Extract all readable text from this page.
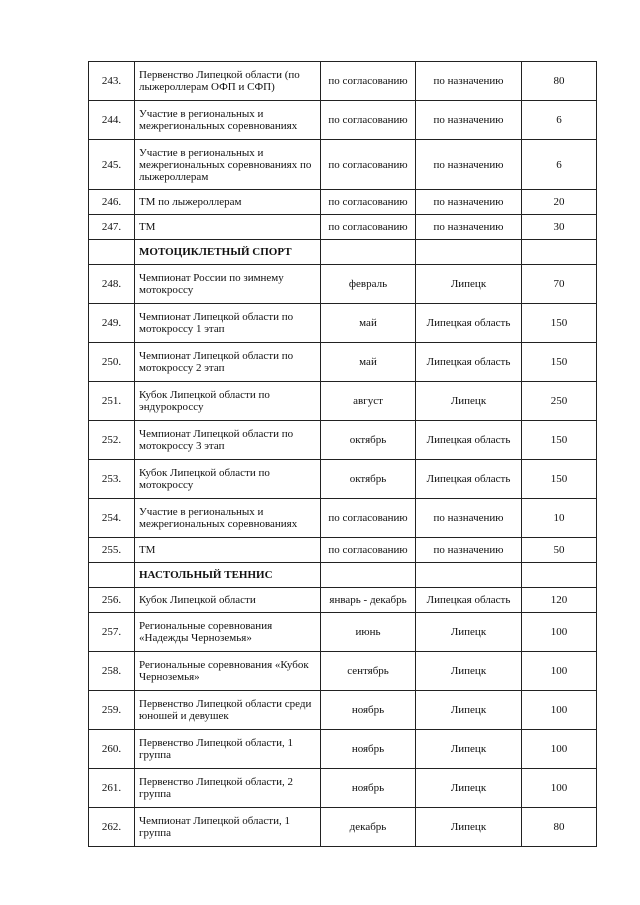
243.	Первенство Липецкой области (по лыжероллерам ОФП и СФП)	по согласованию	по назначению	80
244.	Участие в региональных и межрегиональных соревнованиях	по согласованию	по назначению	6
245.	Участие в региональных и межрегиональных соревнованиях по лыжероллерам	по согласованию	по назначению	6
246.	ТМ по лыжероллерам	по согласованию	по назначению	20
247.	ТМ	по согласованию	по назначению	30
	МОТОЦИКЛЕТНЫЙ СПОРТ			
248.	Чемпионат России по зимнему мотокроссу	февраль	Липецк	70
249.	Чемпионат Липецкой области по мотокроссу 1 этап	май	Липецкая область	150
250.	Чемпионат Липецкой области по мотокроссу 2 этап	май	Липецкая область	150
251.	Кубок Липецкой области по эндурокроссу	август	Липецк	250
252.	Чемпионат Липецкой области по мотокроссу 3 этап	октябрь	Липецкая область	150
253.	Кубок Липецкой области по мотокроссу	октябрь	Липецкая область	150
254.	Участие в региональных и межрегиональных соревнованиях	по согласованию	по назначению	10
255.	ТМ	по согласованию	по назначению	50
	НАСТОЛЬНЫЙ ТЕННИС			
256.	Кубок Липецкой области	январь - декабрь	Липецкая область	120
257.	Региональные соревнования «Надежды Черноземья»	июнь	Липецк	100
258.	Региональные соревнования «Кубок Черноземья»	сентябрь	Липецк	100
259.	Первенство Липецкой области среди юношей и девушек	ноябрь	Липецк	100
260.	Первенство Липецкой области, 1 группа	ноябрь	Липецк	100
261.	Первенство Липецкой области, 2 группа	ноябрь	Липецк	100
262.	Чемпионат Липецкой области, 1 группа	декабрь	Липецк	80
